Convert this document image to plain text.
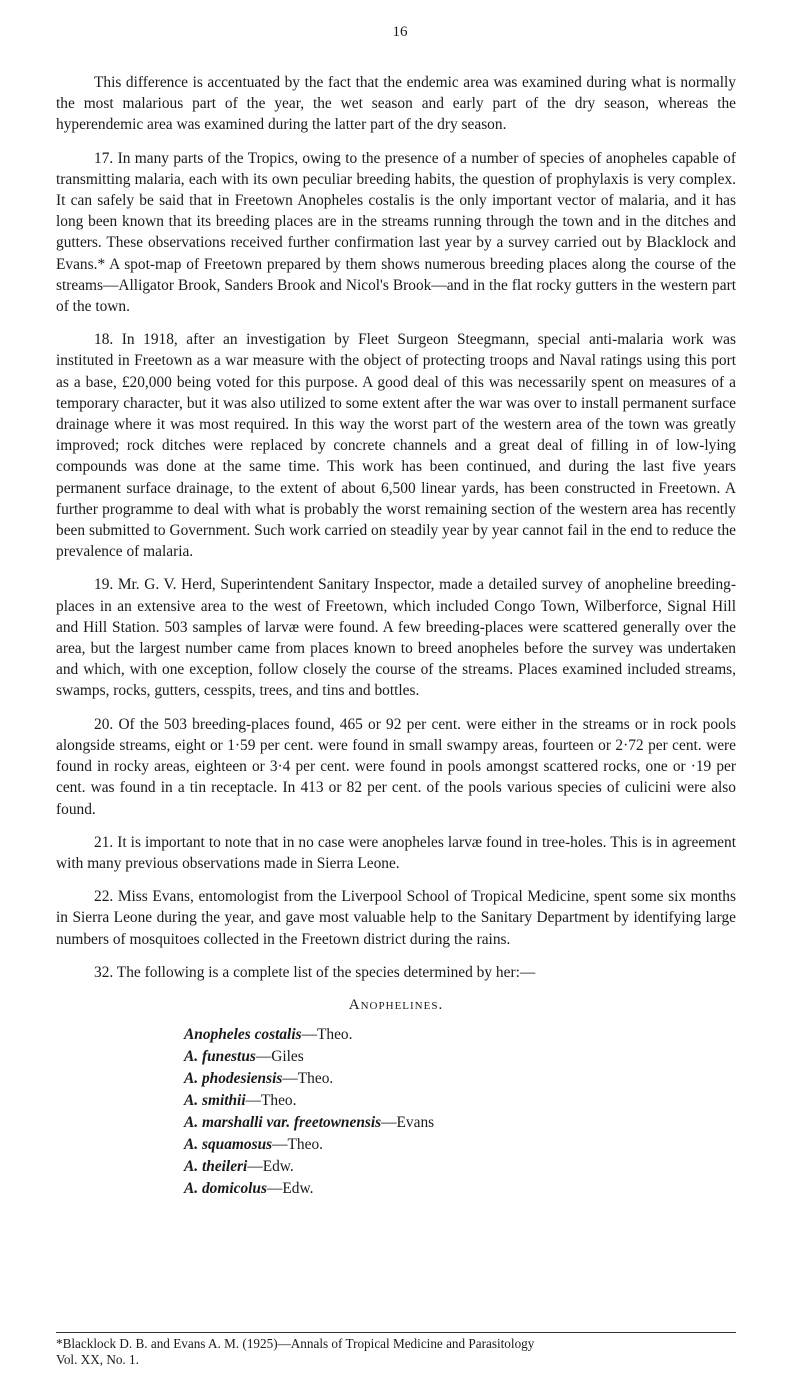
16

This difference is accentuated by the fact that the endemic area was examined during what is normally the most malarious part of the year, the wet season and early part of the dry season, whereas the hyperendemic area was examined during the latter part of the dry season.

17. In many parts of the Tropics, owing to the presence of a number of species of anopheles capable of transmitting malaria, each with its own peculiar breeding habits, the question of prophylaxis is very complex. It can safely be said that in Freetown Anopheles costalis is the only important vector of malaria, and it has long been known that its breeding places are in the streams running through the town and in the ditches and gutters. These observations received further confirmation last year by a survey carried out by Blacklock and Evans.* A spot-map of Freetown prepared by them shows numerous breeding places along the course of the streams—Alligator Brook, Sanders Brook and Nicol's Brook—and in the flat rocky gutters in the western part of the town.

18. In 1918, after an investigation by Fleet Surgeon Steegmann, special anti-malaria work was instituted in Freetown as a war measure with the object of protecting troops and Naval ratings using this port as a base, £20,000 being voted for this purpose. A good deal of this was necessarily spent on measures of a temporary character, but it was also utilized to some extent after the war was over to install permanent surface drainage where it was most required. In this way the worst part of the western area of the town was greatly improved; rock ditches were replaced by concrete channels and a great deal of filling in of low-lying compounds was done at the same time. This work has been continued, and during the last five years permanent surface drainage, to the extent of about 6,500 linear yards, has been constructed in Freetown. A further programme to deal with what is probably the worst remaining section of the western area has recently been submitted to Government. Such work carried on steadily year by year cannot fail in the end to reduce the prevalence of malaria.

19. Mr. G. V. Herd, Superintendent Sanitary Inspector, made a detailed survey of anopheline breeding-places in an extensive area to the west of Freetown, which included Congo Town, Wilberforce, Signal Hill and Hill Station. 503 samples of larvæ were found. A few breeding-places were scattered generally over the area, but the largest number came from places known to breed anopheles before the survey was undertaken and which, with one exception, follow closely the course of the streams. Places examined included streams, swamps, rocks, gutters, cesspits, trees, and tins and bottles.

20. Of the 503 breeding-places found, 465 or 92 per cent. were either in the streams or in rock pools alongside streams, eight or 1·59 per cent. were found in small swampy areas, fourteen or 2·72 per cent. were found in rocky areas, eighteen or 3·4 per cent. were found in pools amongst scattered rocks, one or ·19 per cent. was found in a tin receptacle. In 413 or 82 per cent. of the pools various species of culicini were also found.

21. It is important to note that in no case were anopheles larvæ found in tree-holes. This is in agreement with many previous observations made in Sierra Leone.

22. Miss Evans, entomologist from the Liverpool School of Tropical Medicine, spent some six months in Sierra Leone during the year, and gave most valuable help to the Sanitary Department by identifying large numbers of mosquitoes collected in the Freetown district during the rains.

32. The following is a complete list of the species determined by her:—

Anophelines.
Anopheles costalis—Theo.
A. funestus—Giles
A. phodesiensis—Theo.
A. smithii—Theo.
A. marshalli var. freetownensis—Evans
A. squamosus—Theo.
A. theileri—Edw.
A. domicolus—Edw.
*Blacklock D. B. and Evans A. M. (1925)—Annals of Tropical Medicine and Parasitology
Vol. XX, No. 1.
